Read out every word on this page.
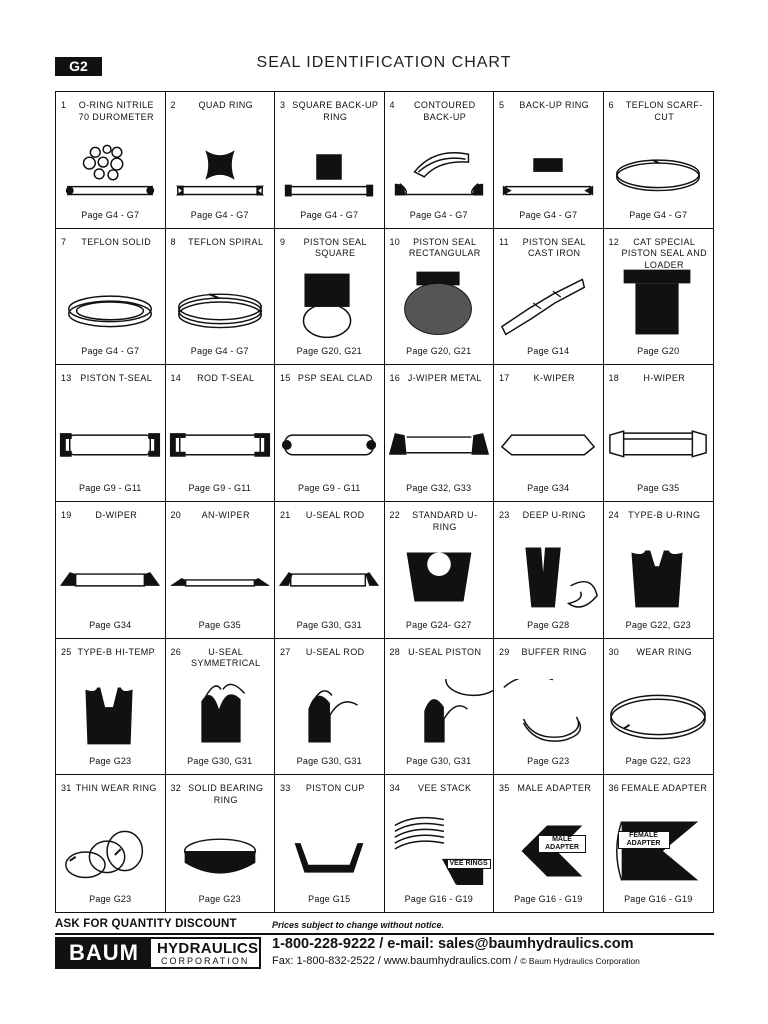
G2	SEAL IDENTIFICATION CHART
1	O-RING NITRILE 70 DUROMETER
Page G4 - G7
2	QUAD RING
Page G4 - G7
3 SQUARE BACK-UP RING
Page G4 - G7
4	CONTOURED BACK-UP
Page G4 - G7
5	BACK-UP RING
Page G4 - G7
6	TEFLON SCARF-CUT
Page G4 - G7
7	TEFLON SOLID
Page G4 - G7
8	TEFLON SPIRAL
Page G4 - G7
9	PISTON SEAL SQUARE
Page G20, G21
10	PISTON SEAL RECTANGULAR
Page G20, G21
11	PISTON SEAL CAST IRON
Page G14
12	CAT SPECIAL PISTON SEAL AND LOADER
Page G20
13 PISTON T-SEAL
Page G9 - G11
14	ROD T-SEAL
Page G9 - G11
15 PSP SEAL CLAD
Page G9 - G11
16 J-WIPER METAL
Page G32, G33
17	K-WIPER
Page G34
18	H-WIPER
Page G35
19	D-WIPER
Page G34
20	AN-WIPER
Page G35
21	U-SEAL ROD
Page G30, G31
22	STANDARD U-RING
Page G24- G27
23	DEEP U-RING
Page G28
24	TYPE-B U-RING
Page G22, G23
25 TYPE-B HI-TEMP
Page G23
26	U-SEAL SYMMETRICAL
Page G30, G31
27	U-SEAL ROD
Page G30, G31
28 U-SEAL PISTON
Page G30, G31
29	BUFFER RING
Page G23
30	WEAR RING
Page G22, G23
31 THIN WEAR RING
Page G23
32 SOLID BEARING RING
Page G23
33	PISTON CUP
Page G15
34	VEE STACK
VEE RINGS
Page G16 - G19
35 MALE ADAPTER
MALE ADAPTER
Page G16 - G19
36 FEMALE ADAPTER
FEMALE ADAPTER
Page G16 - G19
ASK FOR QUANTITY DISCOUNT	Prices subject to change without notice.
BAUM	HYDRAULICS
CORPORATION
1-800-228-9222 / e-mail: sales@baumhydraulics.com
Fax: 1-800-832-2522 / www.baumhydraulics.com / © Baum Hydraulics Corporation
